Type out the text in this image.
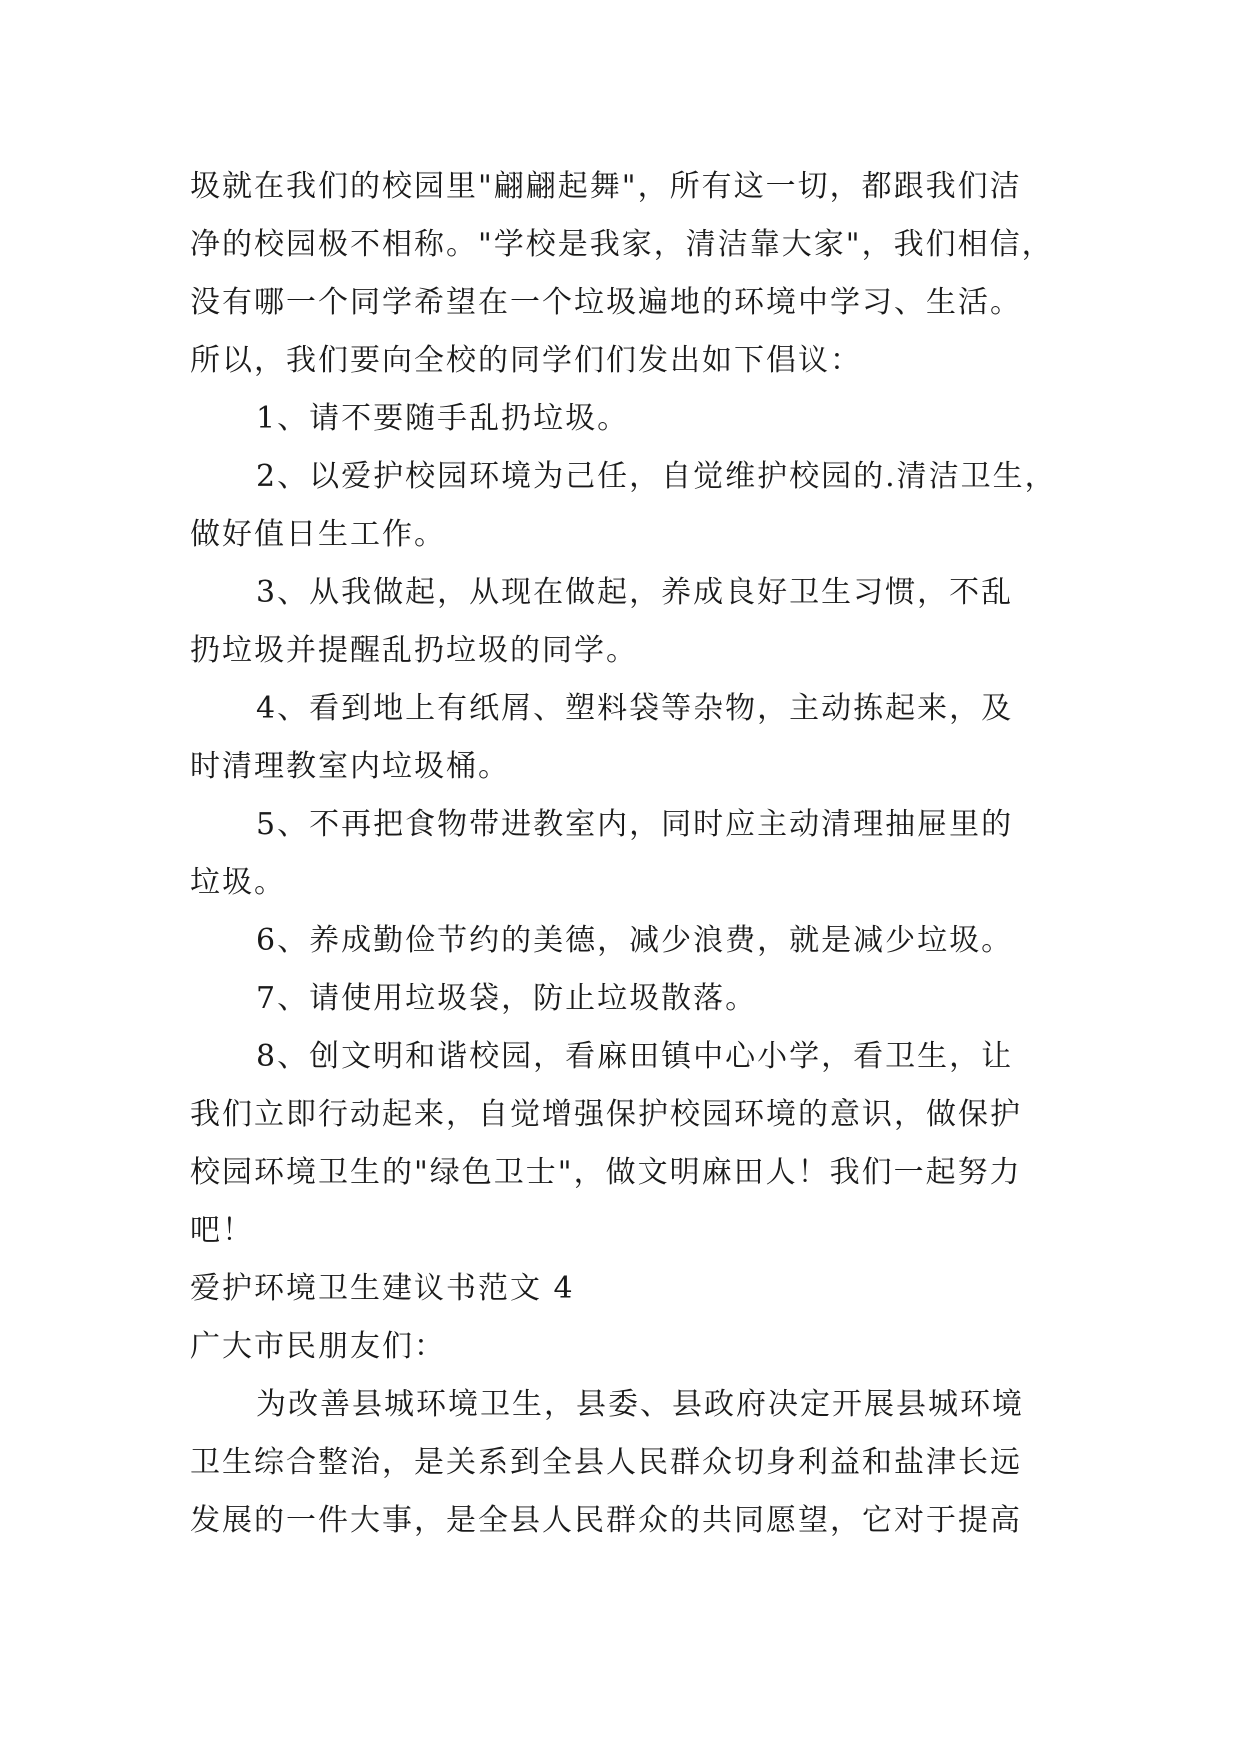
圾就在我们的校园里"翩翩起舞"，所有这一切，都跟我们洁
净的校园极不相称。"学校是我家，清洁靠大家"，我们相信，
没有哪一个同学希望在一个垃圾遍地的环境中学习、生活。
所以，我们要向全校的同学们们发出如下倡议：
1、请不要随手乱扔垃圾。
2、以爱护校园环境为己任，自觉维护校园的.清洁卫生，
做好值日生工作。
3、从我做起，从现在做起，养成良好卫生习惯，不乱
扔垃圾并提醒乱扔垃圾的同学。
4、看到地上有纸屑、塑料袋等杂物，主动拣起来，及
时清理教室内垃圾桶。
5、不再把食物带进教室内，同时应主动清理抽屉里的
垃圾。
6、养成勤俭节约的美德，减少浪费，就是减少垃圾。
7、请使用垃圾袋，防止垃圾散落。
8、创文明和谐校园，看麻田镇中心小学，看卫生，让
我们立即行动起来，自觉增强保护校园环境的意识，做保护
校园环境卫生的"绿色卫士"，做文明麻田人！我们一起努力
吧！
爱护环境卫生建议书范文 4
广大市民朋友们：
为改善县城环境卫生，县委、县政府决定开展县城环境
卫生综合整治，是关系到全县人民群众切身利益和盐津长远
发展的一件大事，是全县人民群众的共同愿望，它对于提高
